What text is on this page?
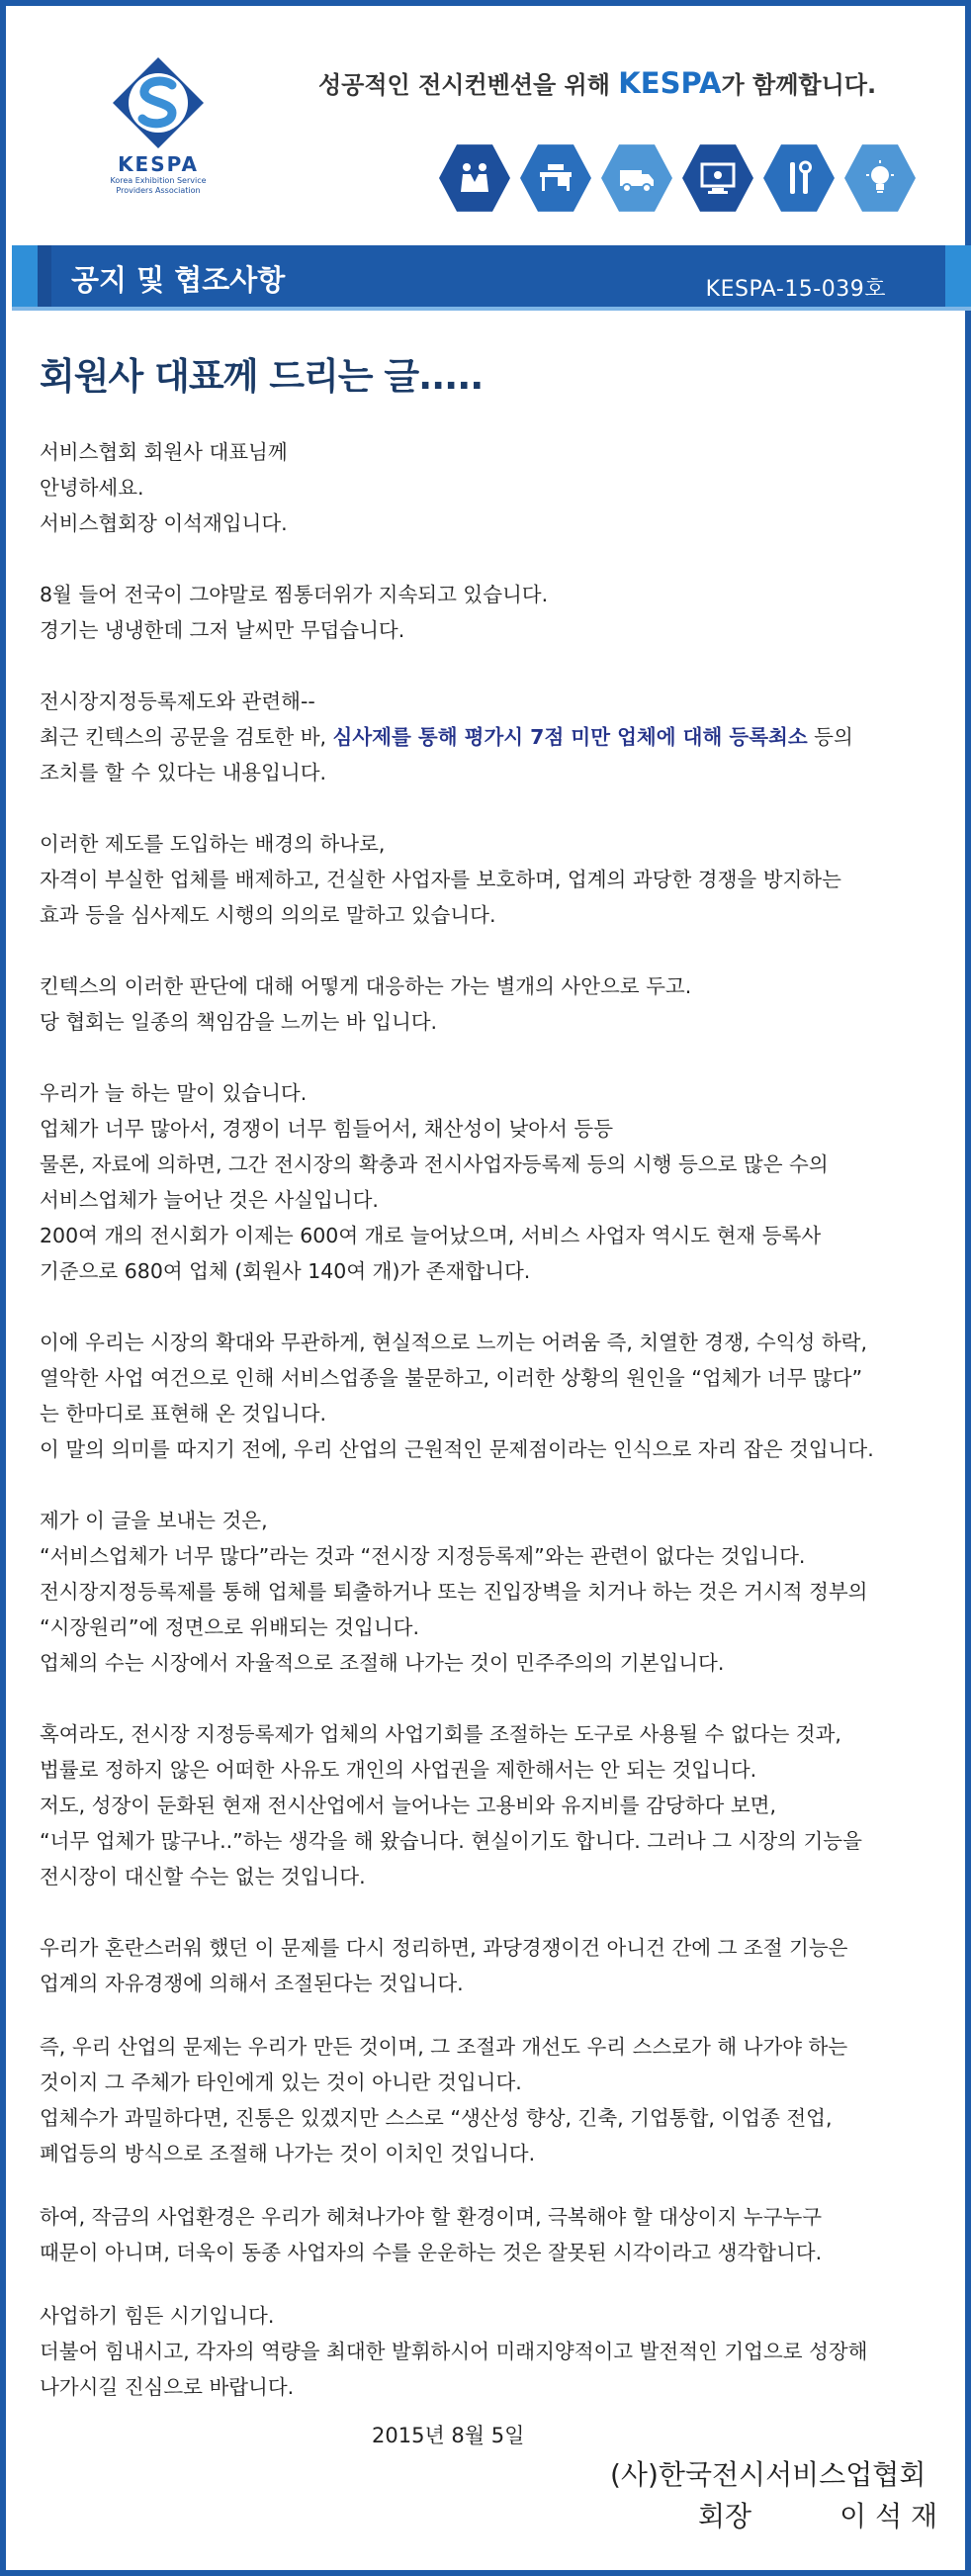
KESPA
Korea Exhibition Service
Providers Association
성공적인 전시컨벤션을 위해 KESPA가 함께합니다.
공지 및 협조사항	KESPA-15-039호
회원사 대표께 드리는 글.....
서비스협회 회원사 대표님께
안녕하세요.
서비스협회장 이석재입니다.
8월 들어 전국이 그야말로 찜통더위가 지속되고 있습니다.
경기는 냉냉한데 그저 날씨만 무덥습니다.
전시장지정등록제도와 관련해--
최근 킨텍스의 공문을 검토한 바, 심사제를 통해 평가시 7점 미만 업체에 대해 등록최소 등의
조치를 할 수 있다는 내용입니다.
이러한 제도를 도입하는 배경의 하나로,
자격이 부실한 업체를 배제하고, 건실한 사업자를 보호하며, 업계의 과당한 경쟁을 방지하는
효과 등을 심사제도 시행의 의의로 말하고 있습니다.
킨텍스의 이러한 판단에 대해 어떻게 대응하는 가는 별개의 사안으로 두고.
당 협회는 일종의 책임감을 느끼는 바 입니다.
우리가 늘 하는 말이 있습니다.
업체가 너무 많아서, 경쟁이 너무 힘들어서, 채산성이 낮아서 등등
물론, 자료에 의하면, 그간 전시장의 확충과 전시사업자등록제 등의 시행 등으로 많은 수의
서비스업체가 늘어난 것은 사실입니다.
200여 개의 전시회가 이제는 600여 개로 늘어났으며, 서비스 사업자 역시도 현재 등록사
기준으로 680여 업체 (회원사 140여 개)가 존재합니다.
이에 우리는 시장의 확대와 무관하게, 현실적으로 느끼는 어려움 즉, 치열한 경쟁, 수익성 하락,
열악한 사업 여건으로 인해 서비스업종을 불문하고, 이러한 상황의 원인을 “업체가 너무 많다”
는 한마디로 표현해 온 것입니다.
이 말의 의미를 따지기 전에, 우리 산업의 근원적인 문제점이라는 인식으로 자리 잡은 것입니다.
제가 이 글을 보내는 것은,
“서비스업체가 너무 많다”라는 것과 “전시장 지정등록제”와는 관련이 없다는 것입니다.
전시장지정등록제를 통해 업체를 퇴출하거나 또는 진입장벽을 치거나 하는 것은 거시적 정부의
“시장원리”에 정면으로 위배되는 것입니다.
업체의 수는 시장에서 자율적으로 조절해 나가는 것이 민주주의의 기본입니다.
혹여라도, 전시장 지정등록제가 업체의 사업기회를 조절하는 도구로 사용될 수 없다는 것과,
법률로 정하지 않은 어떠한 사유도 개인의 사업권을 제한해서는 안 되는 것입니다.
저도, 성장이 둔화된 현재 전시산업에서 늘어나는 고용비와 유지비를 감당하다 보면,
“너무 업체가 많구나..”하는 생각을 해 왔습니다. 현실이기도 합니다. 그러나 그 시장의 기능을
전시장이 대신할 수는 없는 것입니다.
우리가 혼란스러워 했던 이 문제를 다시 정리하면, 과당경쟁이건 아니건 간에 그 조절 기능은
업계의 자유경쟁에 의해서 조절된다는 것입니다.
즉, 우리 산업의 문제는 우리가 만든 것이며, 그 조절과 개선도 우리 스스로가 해 나가야 하는
것이지 그 주체가 타인에게 있는 것이 아니란 것입니다.
업체수가 과밀하다면, 진통은 있겠지만 스스로 “생산성 향상, 긴축, 기업통합, 이업종 전업,
폐업등의 방식으로 조절해 나가는 것이 이치인 것입니다.
하여, 작금의 사업환경은 우리가 헤쳐나가야 할 환경이며, 극복해야 할 대상이지 누구누구
때문이 아니며, 더욱이 동종 사업자의 수를 운운하는 것은 잘못된 시각이라고 생각합니다.
사업하기 힘든 시기입니다.
더불어 힘내시고, 각자의 역량을 최대한 발휘하시어 미래지양적이고 발전적인 기업으로 성장해
나가시길 진심으로 바랍니다.
2015년 8월 5일
(사)한국전시서비스업협회
회장	이 석 재
